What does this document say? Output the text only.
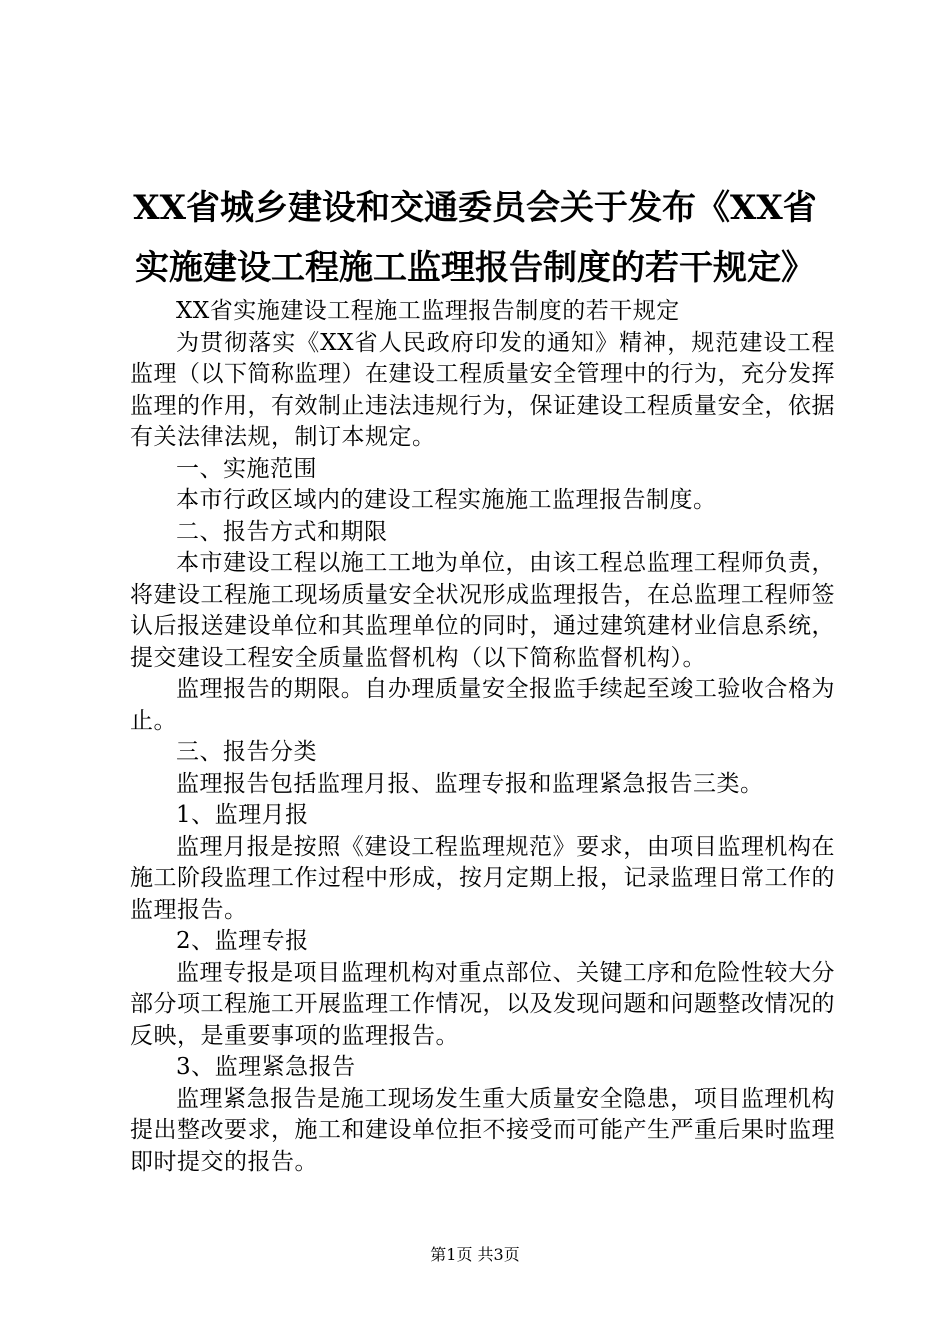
XX省城乡建设和交通委员会关于发布《XX省
实施建设工程施工监理报告制度的若干规定》

XX省实施建设工程施工监理报告制度的若干规定

为贯彻落实《XX省人民政府印发的通知》精神，规范建设工程监理（以下简称监理）在建设工程质量安全管理中的行为，充分发挥监理的作用，有效制止违法违规行为，保证建设工程质量安全，依据有关法律法规，制订本规定。

一、实施范围

本市行政区域内的建设工程实施施工监理报告制度。

二、报告方式和期限

本市建设工程以施工工地为单位，由该工程总监理工程师负责，将建设工程施工现场质量安全状况形成监理报告，在总监理工程师签认后报送建设单位和其监理单位的同时，通过建筑建材业信息系统，提交建设工程安全质量监督机构（以下简称监督机构）。

监理报告的期限。自办理质量安全报监手续起至竣工验收合格为止。

三、报告分类

监理报告包括监理月报、监理专报和监理紧急报告三类。

1、监理月报

监理月报是按照《建设工程监理规范》要求，由项目监理机构在施工阶段监理工作过程中形成，按月定期上报，记录监理日常工作的监理报告。

2、监理专报

监理专报是项目监理机构对重点部位、关键工序和危险性较大分部分项工程施工开展监理工作情况，以及发现问题和问题整改情况的反映，是重要事项的监理报告。

3、监理紧急报告

监理紧急报告是施工现场发生重大质量安全隐患，项目监理机构提出整改要求，施工和建设单位拒不接受而可能产生严重后果时监理即时提交的报告。

第1页 共3页
